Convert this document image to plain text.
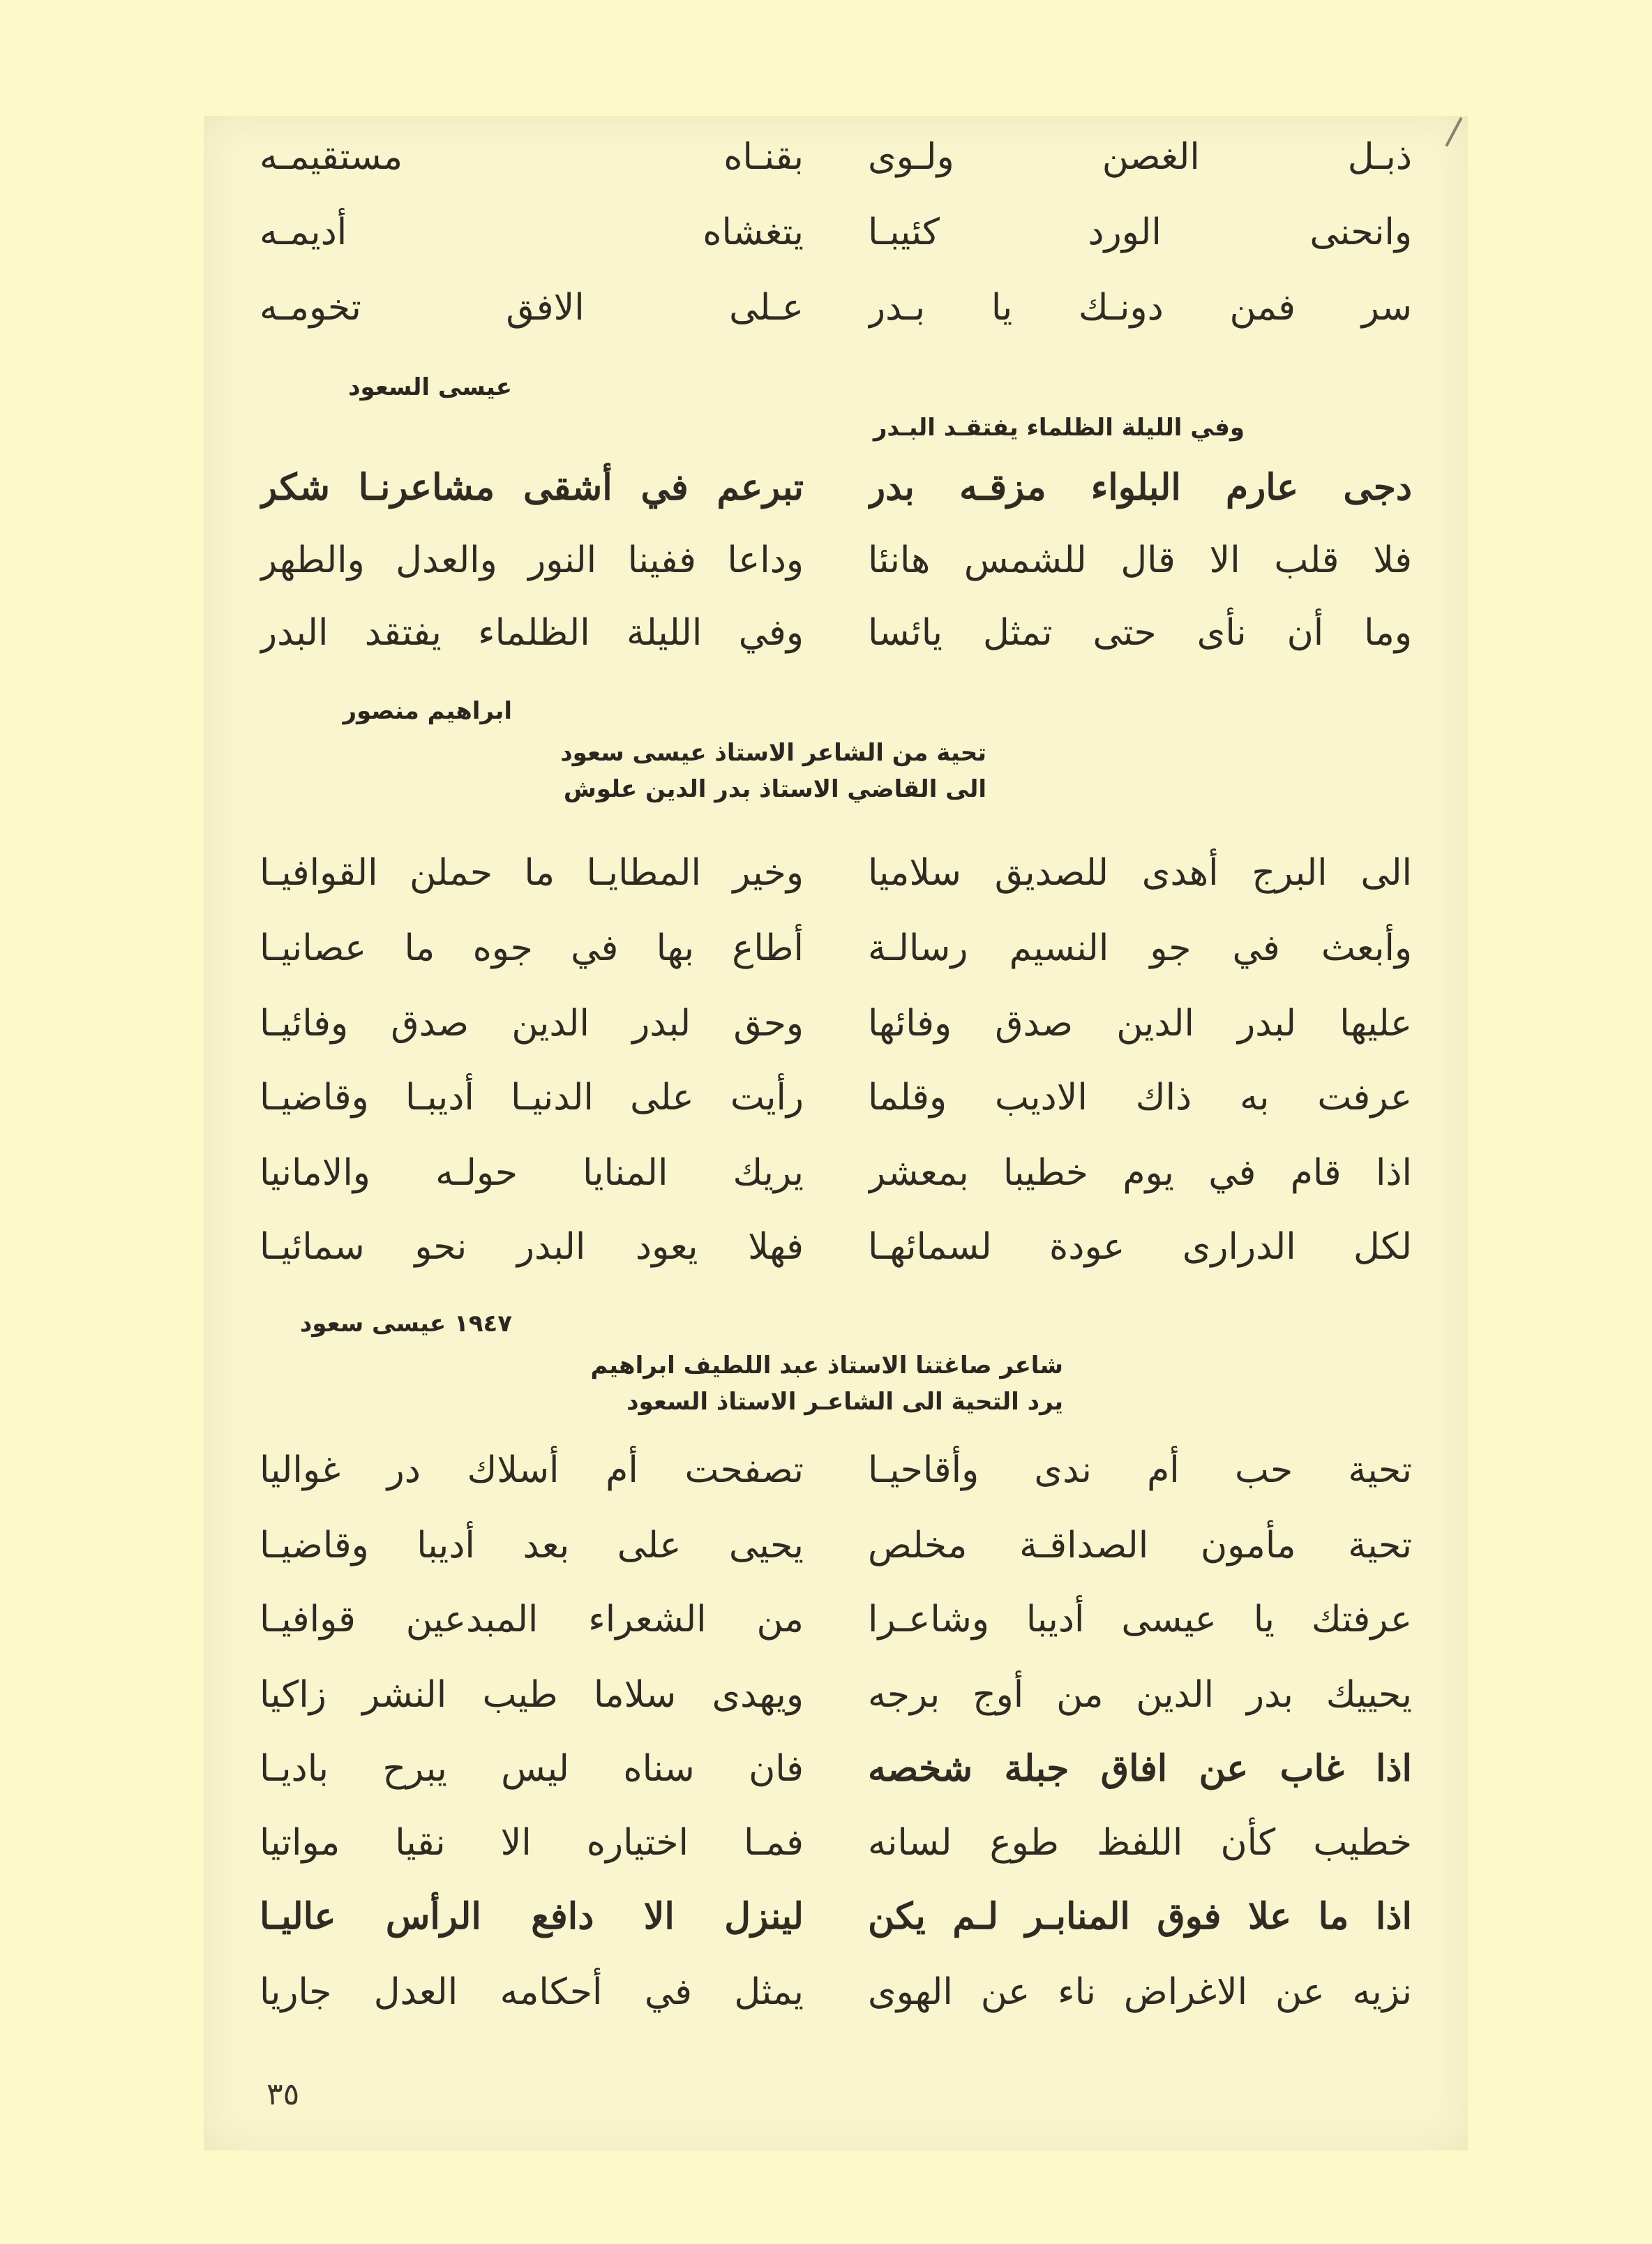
ذبـل الغصن ولـوى
بقنـاه مستقيمـه
وانحنى الورد كئيبـا
يتغشاه أديمـه
سر فمن دونـك يا بـدر
عـلى الافق تخومـه
عيسى السعود
وفي الليلة الظلماء يفتقـد البـدر
دجى عارم البلواء مزقـه بدر
تبرعم في أشقى مشاعرنـا شكر
فلا قلب الا قال للشمس هانئا
وداعا ففينا النور والعدل والطهر
وما أن نأى حتى تمثل يائسا
وفي الليلة الظلماء يفتقد البدر
ابراهيم منصور
تحية من الشاعر الاستاذ عيسى سعود
الى القاضي الاستاذ بدر الدين علوش
الى البرج أهدى للصديق سلاميا
وخير المطايـا ما حملن القوافيـا
وأبعث في جو النسيم رسالـة
أطاع بها في جوه ما عصانيـا
عليها لبدر الدين صدق وفائها
وحق لبدر الدين صدق وفائيـا
عرفت به ذاك الاديب وقلما
رأيت على الدنيـا أديبـا وقاضيـا
اذا قام في يوم خطيبا بمعشر
يريك المنايا حولـه والامانيا
لكل الدرارى عودة لسمائهـا
فهلا يعود البدر نحو سمائيـا
١٩٤٧ عيسى سعود
شاعر صاغتنا الاستاذ عبد اللطيف ابراهيم
يرد التحية الى الشاعـر الاستاذ السعود
تحية حب أم ندى وأقاحيـا
تصفحت أم أسلاك در غواليا
تحية مأمون الصداقـة مخلص
يحيى على بعد أديبا وقاضيـا
عرفتك يا عيسى أديبا وشاعـرا
من الشعراء المبدعين قوافيـا
يحييك بدر الدين من أوج برجه
ويهدى سلاما طيب النشر زاكيا
اذا غاب عن افاق جبلة شخصه
فان سناه ليس يبرح باديـا
خطيب كأن اللفظ طوع لسانه
فمـا اختياره الا نقيا مواتيا
اذا ما علا فوق المنابـر لـم يكن
لينزل الا دافع الرأس عاليـا
نزيه عن الاغراض ناء عن الهوى
يمثل في أحكامه العدل جاريا
٣٥
